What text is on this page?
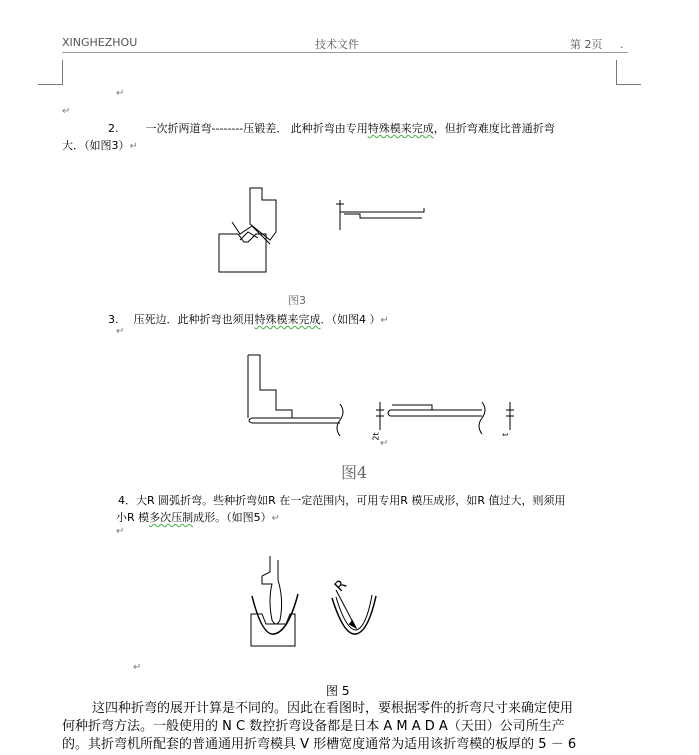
XINGHEZHOU	技术文件	第 2页 .
↵
↵
2. 一次折两道弯--------压锻差． 此种折弯由专用特殊模来完成，但折弯难度比普通折弯
大．（如图3）↵
图3
3. 压死边．此种折弯也须用特殊模来完成．（如图4 ）↵
↵
2t	t
↵
图4
4．大R 圆弧折弯。些种折弯如R 在一定范围内，可用专用R 模压成形，如R 值过大，则须用
小R 模多次压制成形。（如图5）↵
↵
R
↵
图 5
这四种折弯的展开计算是不同的。因此在看图时，要根据零件的折弯尺寸来确定使用
何种折弯方法。一般使用的 N C 数控折弯设备都是日本 A M A D A（天田）公司所生产
的。其折弯机所配套的普通通用折弯模具 V 形槽宽度通常为适用该折弯模的板厚的 5 － 6
